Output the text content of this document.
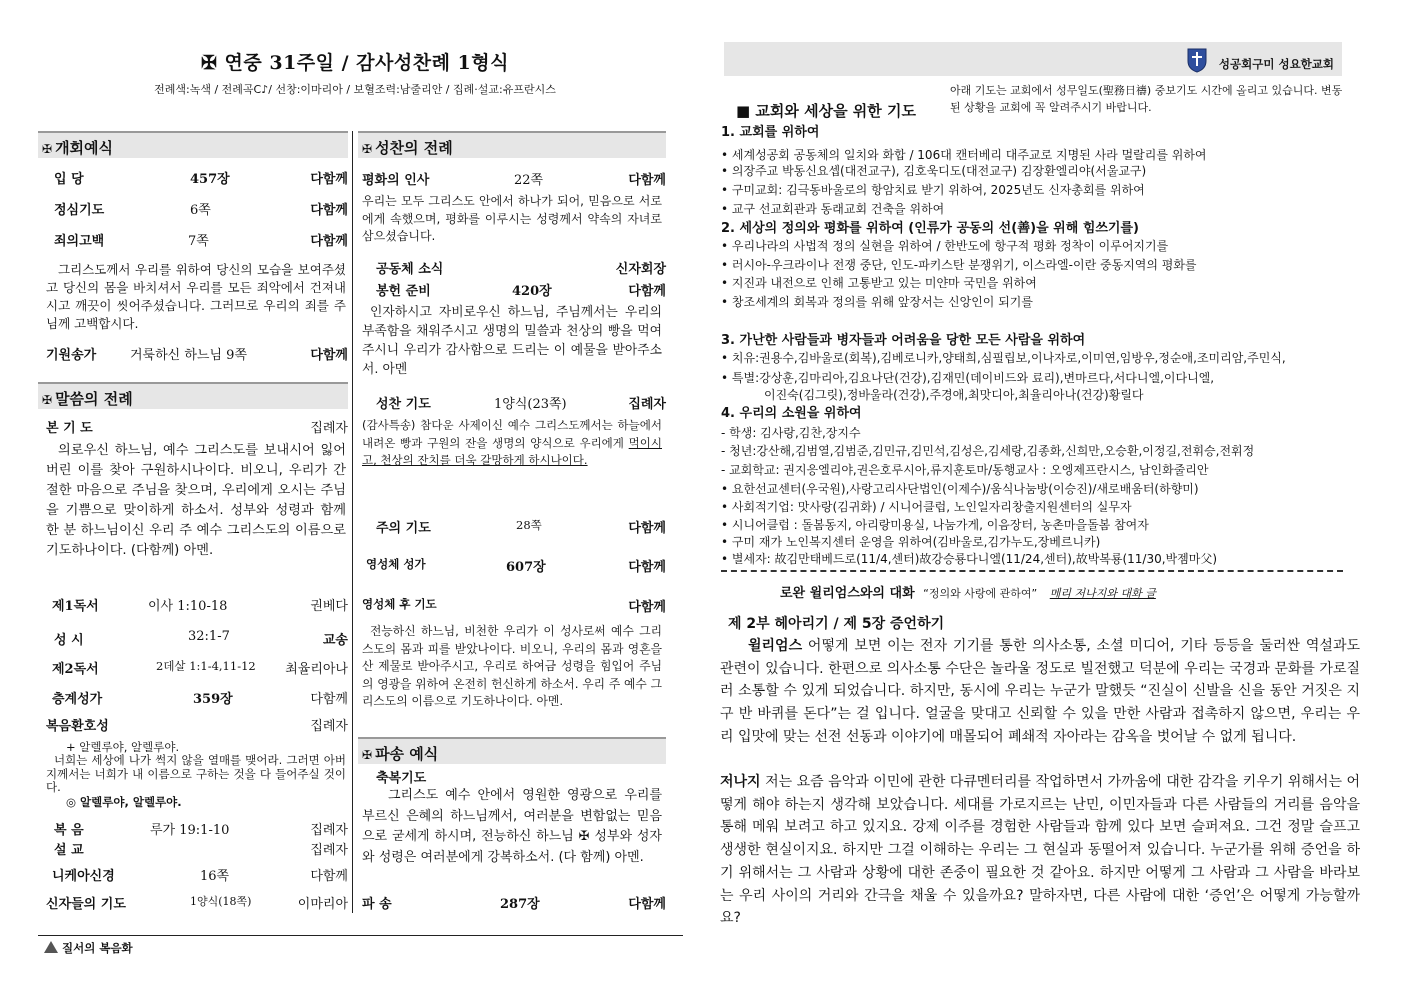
✠ 연중 31주일 / 감사성찬례 1형식
전례색:녹색 / 전례곡C♪/ 선창:이마리아 / 보혈조력:남줄리안 / 집례·설교:유프란시스
✠ 개회예식
입 당	457장	다함께
정심기도	6쪽	다함께
죄의고백	7쪽	다함께
그리스도께서 우리를 위하여 당신의 모습을 보여주셨고 당신의 몸을 바치셔서 우리를 모든 죄악에서 건져내시고 깨끗이 씻어주셨습니다. 그러므로 우리의 죄를 주님께 고백합시다.
기원송가	거룩하신 하느님 9쪽	다함께
✠ 말씀의 전례
본 기 도	집례자
의로우신 하느님, 예수 그리스도를 보내시어 잃어버린 이를 찾아 구원하시나이다. 비오니, 우리가 간절한 마음으로 주님을 찾으며, 우리에게 오시는 주님을 기쁨으로 맞이하게 하소서. 성부와 성령과 함께 한 분 하느님이신 우리 주 예수 그리스도의 이름으로 기도하나이다. (다함께) 아멘.
제1독서	이사 1:10-18	권베다
성 시	32:1-7	교송
제2독서	2데살 1:1-4,11-12 최율리아나
층계성가	359장	다함께
복음환호성	집례자
+ 알렐루야, 알렐루야.
너희는 세상에 나가 썩지 않을 열매를 맺어라. 그러면 아버지께서는 너희가 내 이름으로 구하는 것을 다 들어주실 것이다.
◎ 알렐루야, 알렐루야.
복 음	루가 19:1-10	집례자
설 교	집례자
니케아신경	16쪽	다함께
신자들의 기도	1양식(18쪽)	이마리아
✠ 성찬의 전례
평화의 인사	22쪽	다함께
우리는 모두 그리스도 안에서 하나가 되어, 믿음으로 서로에게 속했으며, 평화를 이루시는 성령께서 약속의 자녀로 삼으셨습니다.
공동체 소식	신자회장
봉헌 준비	420장	다함께
인자하시고 자비로우신 하느님, 주님께서는 우리의 부족함을 채워주시고 생명의 밀쓸과 천상의 빵을 먹여주시니 우리가 감사함으로 드리는 이 예물을 받아주소서. 아멘
성찬 기도	1양식(23쪽)	집례자
(감사특송) 참다운 사제이신 예수 그리스도께서는 하늘에서 내려온 빵과 구원의 잔을 생명의 양식으로 우리에게 먹이시고, 천상의 잔치를 더욱 갈망하게 하시나이다.
주의 기도	28쪽	다함께
영성체 성가	607장	다함께
영성체 후 기도	다함께
전능하신 하느님, 비천한 우리가 이 성사로써 예수 그리스도의 몸과 피를 받았나이다. 비오니, 우리의 몸과 영혼을 산 제물로 받아주시고, 우리로 하여금 성령을 힘입어 주님의 영광을 위하여 온전히 헌신하게 하소서. 우리 주 예수 그리스도의 이름으로 기도하나이다. 아멘.
✠ 파송 예식
축복기도
그리스도 예수 안에서 영원한 영광으로 우리를 부르신 은혜의 하느님께서, 여러분을 변함없는 믿음으로 굳세게 하시며, 전능하신 하느님 ✠ 성부와 성자와 성령은 여러분에게 강복하소서. (다 함께) 아멘.
파 송	287장	다함께
질서의 복음화
성공회구미 성요한교회
아래 기도는 교회에서 성무일도(聖務日禱) 중보기도 시간에 올리고 있습니다. 변동된 상황을 교회에 꼭 알려주시기 바랍니다.
■ 교회와 세상을 위한 기도
1. 교회를 위하여
• 세계성공회 공동체의 일치와 화합 / 106대 캔터베리 대주교로 지명된 사라 멀랄리를 위하여
• 의장주교 박동신요셉(대전교구), 김호욱디도(대전교구) 김장환엘리야(서울교구)
• 구미교회: 김극동바울로의 항암치료 받기 위하여, 2025년도 신자총회를 위하여
• 교구 선교회관과 동래교회 건축을 위하여
2. 세상의 정의와 평화를 위하여 (인류가 공동의 선(善)을 위해 힘쓰기를)
• 우리나라의 사법적 정의 실현을 위하여 / 한반도에 항구적 평화 정착이 이루어지기를
• 러시아-우크라이나 전쟁 중단, 인도-파키스탄 분쟁위기, 이스라엘-이란 중동지역의 평화를
• 지진과 내전으로 인해 고통받고 있는 미얀마 국민을 위하여
• 창조세계의 회복과 정의를 위해 앞장서는 신앙인이 되기를
3. 가난한 사람들과 병자들과 어려움을 당한 모든 사람을 위하여
• 치유:권용수,김바울로(회복),김베로니카,양태희,심필립보,이나자로,이미연,임방우,정순애,조미리암,주민식,
• 특별:강상훈,김마리아,김요나단(건강),김재민(데이비드와 료리),변마르다,서다니엘,이다니엘,
이진숙(김그릿),정바울라(건강),주경애,최맛디아,최율리아나(건강)황릴다
4. 우리의 소원을 위하여
- 학생: 김사랑,김찬,장지수
- 청년:강산해,김범열,김범준,김민규,김민석,김성은,김세랑,김종화,신희만,오승환,이정길,전휘승,전휘정
- 교회학교: 권지응엘리야,권은호루시아,류지훈토마/동행교사 : 오엥제프란시스, 남인화줄리안
• 요한선교센터(우국원),사랑고리사단법인(이제수)/움식나눔방(이승진)/새로배움터(하향미)
• 사회적기업: 맛사랑(김귀화) / 시니어클럽, 노인일자리창출지원센터의 실무자
• 시니어클럽 : 돌봄동지, 아리랑미용실, 나눔가게, 이음장터, 농촌마을돌봄 참여자
• 구미 재가 노인복지센터 운영을 위하여(김바울로,김가누도,장베르니카)
• 별세자: 故김만태베드로(11/4,센터)故강승룡다니엘(11/24,센터),故박복룡(11/30,박젬마父)
로완 윌리엄스와의 대화 “정의와 사랑에 관하여” 메리 저나지와 대화 글
제 2부 헤아리기 / 제 5장 증언하기
윌리엄스 어떻게 보면 이는 전자 기기를 통한 의사소통, 소셜 미디어, 기타 등등을 둘러싼 역설과도 관련이 있습니다. 한편으로 의사소통 수단은 놀라울 정도로 빌전했고 덕분에 우리는 국경과 문화를 가로질러 소통할 수 있게 되었습니다. 하지만, 동시에 우리는 누군가 말했듯 “진실이 신발을 신을 동안 거짓은 지구 반 바퀴를 돈다”는 걸 입니다. 얼굴을 맞대고 신뢰할 수 있을 만한 사람과 접촉하지 않으면, 우리는 우리 입맛에 맞는 선전 선동과 이야기에 매몰되어 폐쇄적 자아라는 감옥을 벗어날 수 없게 됩니다.
저나지 저는 요즘 음악과 이민에 관한 다큐멘터리를 작업하면서 가까움에 대한 감각을 키우기 위해서는 어떻게 해야 하는지 생각해 보았습니다. 세대를 가로지르는 난민, 이민자들과 다른 사람들의 거리를 음악을 통해 메워 보려고 하고 있지요. 강제 이주를 경험한 사람들과 함께 있다 보면 슬퍼져요. 그건 정말 슬프고 생생한 현실이지요. 하지만 그걸 이해하는 우리는 그 현실과 동떨어져 있습니다. 누군가를 위해 증언을 하기 위해서는 그 사람과 상황에 대한 존중이 필요한 것 같아요. 하지만 어떻게 그 사람과 그 사람을 바라보는 우리 사이의 거리와 간극을 채울 수 있을까요? 말하자면, 다른 사람에 대한 ‘증언’은 어떻게 가능할까요?
